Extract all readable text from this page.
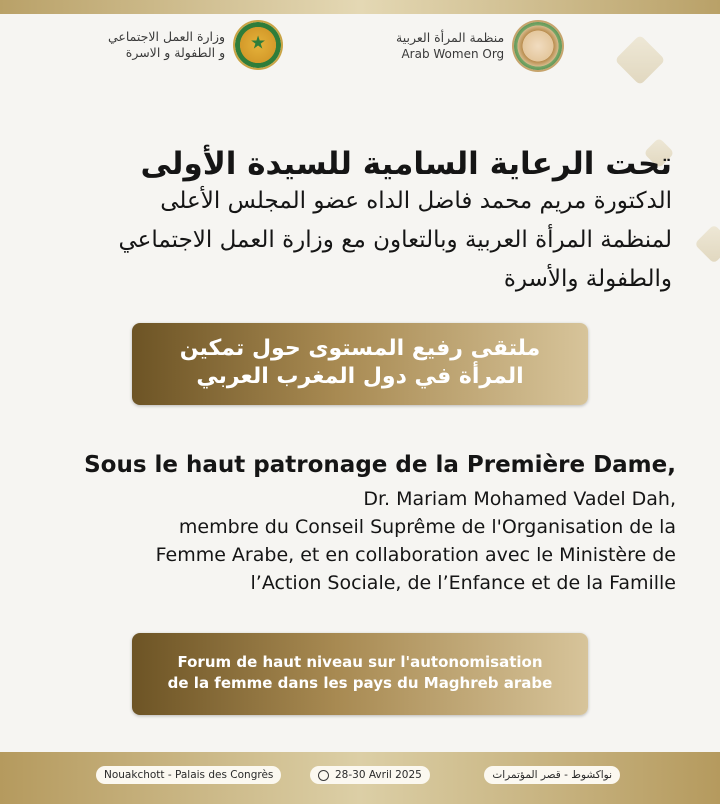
وزارة العمل الاجتماعي
و الطفولة و الاسرة
★
منظمة المرأة العربية
Arab Women Org

تحت الرعاية السامية للسيدة الأولى

الدكتورة مريم محمد فاضل الداه عضو المجلس الأعلى

لمنظمة المرأة العربية وبالتعاون مع وزارة العمل الاجتماعي

والطفولة والأسرة

ملتقى رفيع المستوى حول تمكين
المرأة في دول المغرب العربي

Sous le haut patronage de la Première Dame,

Dr. Mariam Mohamed Vadel Dah,

membre du Conseil Suprême de l'Organisation de la

Femme Arabe, et en collaboration avec le Ministère de

l’Action Sociale, de l’Enfance et de la Famille

Forum de haut niveau sur l'autonomisation
de la femme dans les pays du Maghreb arabe
Nouakchott - Palais des Congrès	28-30 Avril 2025	نواكشوط - قصر المؤتمرات
